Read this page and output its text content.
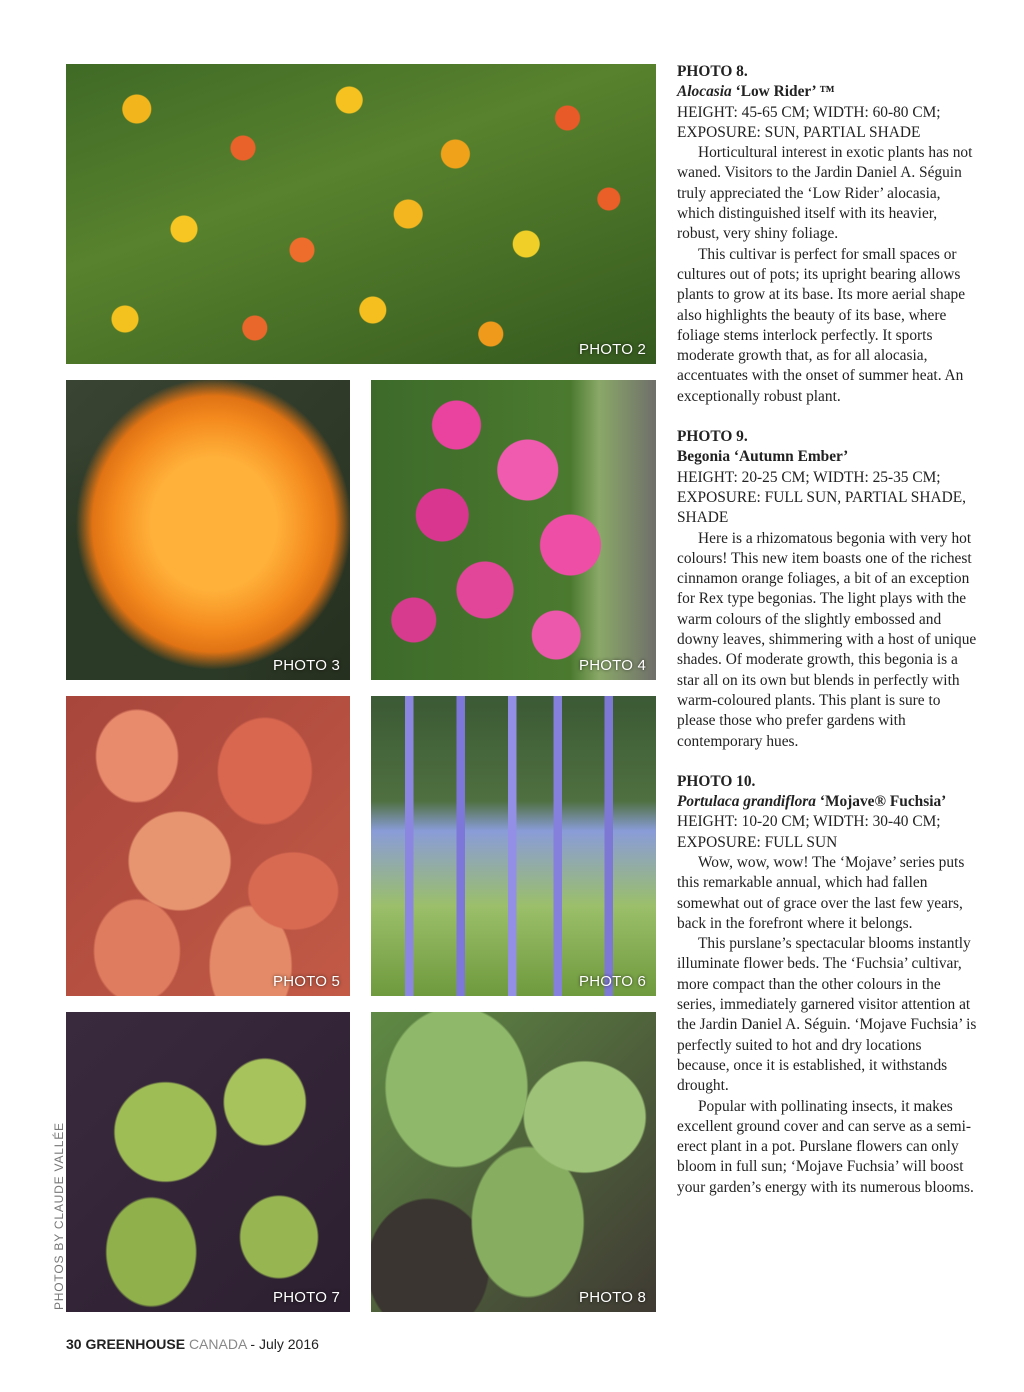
PHOTO 2
PHOTO 3	PHOTO 4
PHOTO 5	PHOTO 6
PHOTO 7	PHOTO 8
PHOTOS BY CLAUDE VALLÉE

PHOTO 8.

Alocasia ‘Low Rider’ ™

HEIGHT: 45-65 CM; WIDTH: 60-80 CM; EXPOSURE: SUN, PARTIAL SHADE

Horticultural interest in exotic plants has not waned. Visitors to the Jardin Daniel A. Séguin truly appreciated the ‘Low Rider’ alocasia, which distinguished itself with its heavier, robust, very shiny foliage.

This cultivar is perfect for small spaces or cultures out of pots; its upright bearing allows plants to grow at its base. Its more aerial shape also highlights the beauty of its base, where foliage stems interlock perfectly. It sports moderate growth that, as for all alocasia, accentuates with the onset of summer heat. An exceptionally robust plant.

PHOTO 9.

Begonia ‘Autumn Ember’

HEIGHT: 20-25 CM; WIDTH: 25-35 CM; EXPOSURE: FULL SUN, PARTIAL SHADE, SHADE

Here is a rhizomatous begonia with very hot colours! This new item boasts one of the richest cinnamon orange foliages, a bit of an exception for Rex type begonias. The light plays with the warm colours of the slightly embossed and downy leaves, shimmering with a host of unique shades. Of moderate growth, this begonia is a star all on its own but blends in perfectly with warm-coloured plants. This plant is sure to please those who prefer gardens with contemporary hues.

PHOTO 10.

Portulaca grandiflora ‘Mojave® Fuchsia’

HEIGHT: 10-20 CM; WIDTH: 30-40 CM; EXPOSURE: FULL SUN

Wow, wow, wow! The ‘Mojave’ series puts this remarkable annual, which had fallen somewhat out of grace over the last few years, back in the forefront where it belongs.

This purslane’s spectacular blooms instantly illuminate flower beds. The ‘Fuchsia’ cultivar, more compact than the other colours in the series, immediately garnered visitor attention at the Jardin Daniel A. Séguin. ‘Mojave Fuchsia’ is perfectly suited to hot and dry locations because, once it is established, it withstands drought.

Popular with pollinating insects, it makes excellent ground cover and can serve as a semi-erect plant in a pot. Purslane flowers can only bloom in full sun; ‘Mojave Fuchsia’ will boost your garden’s energy with its numerous blooms.

30 GREENHOUSE CANADA - July 2016
